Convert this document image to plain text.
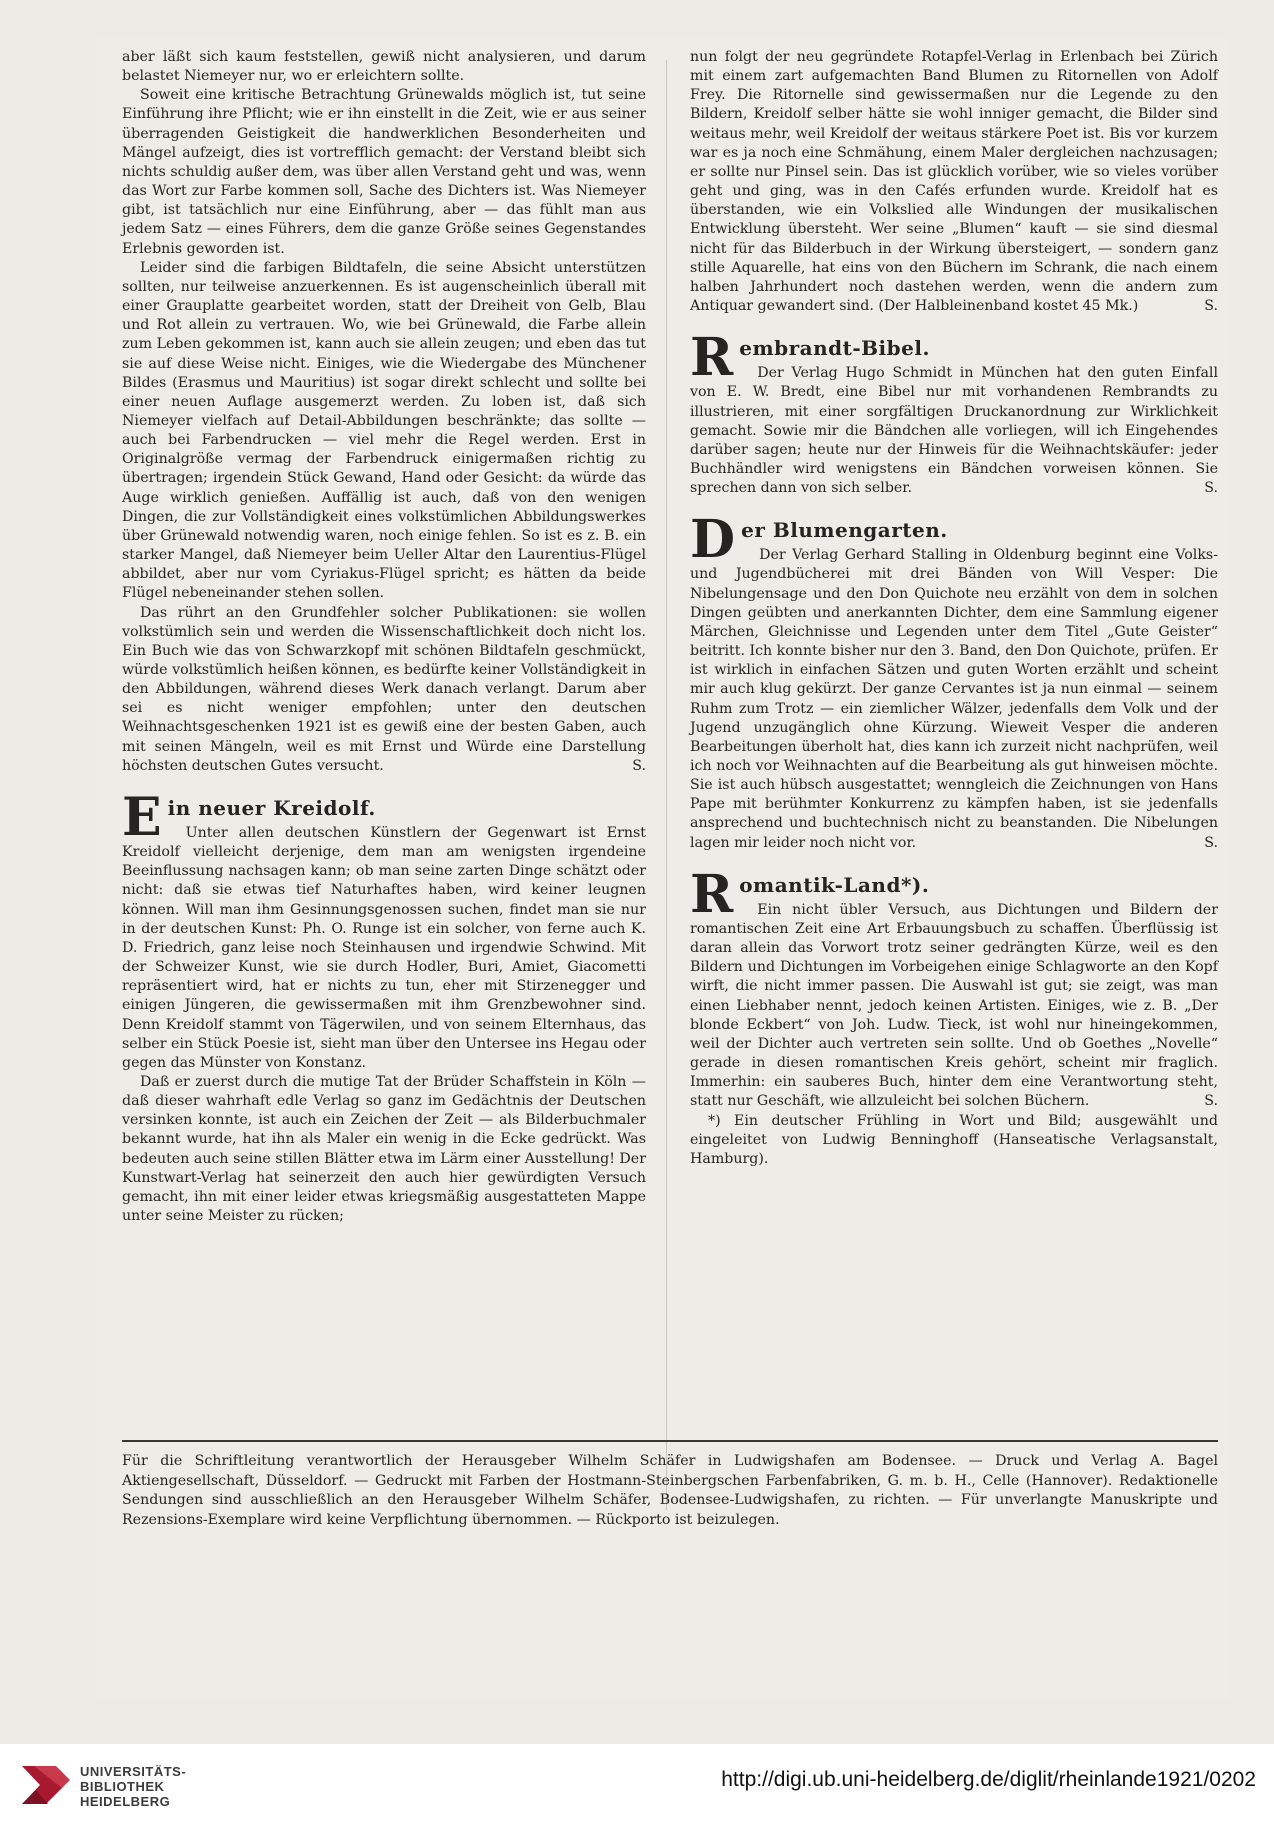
aber läßt sich kaum feststellen, gewiß nicht analysieren, und darum belastet Niemeyer nur, wo er erleichtern sollte.

Soweit eine kritische Betrachtung Grünewalds möglich ist, tut seine Einführung ihre Pflicht; wie er ihn einstellt in die Zeit, wie er aus seiner überragenden Geistigkeit die handwerklichen Besonderheiten und Mängel aufzeigt, dies ist vortrefflich gemacht: der Verstand bleibt sich nichts schuldig außer dem, was über allen Verstand geht und was, wenn das Wort zur Farbe kommen soll, Sache des Dichters ist. Was Niemeyer gibt, ist tatsächlich nur eine Einführung, aber — das fühlt man aus jedem Satz — eines Führers, dem die ganze Größe seines Gegenstandes Erlebnis geworden ist.

Leider sind die farbigen Bildtafeln, die seine Absicht unterstützen sollten, nur teilweise anzuerkennen. Es ist augenscheinlich überall mit einer Grauplatte gearbeitet worden, statt der Dreiheit von Gelb, Blau und Rot allein zu vertrauen. Wo, wie bei Grünewald, die Farbe allein zum Leben gekommen ist, kann auch sie allein zeugen; und eben das tut sie auf diese Weise nicht. Einiges, wie die Wiedergabe des Münchener Bildes (Erasmus und Mauritius) ist sogar direkt schlecht und sollte bei einer neuen Auflage ausgemerzt werden. Zu loben ist, daß sich Niemeyer vielfach auf Detail-Abbildungen beschränkte; das sollte — auch bei Farbendrucken — viel mehr die Regel werden. Erst in Originalgröße vermag der Farbendruck einigermaßen richtig zu übertragen; irgendein Stück Gewand, Hand oder Gesicht: da würde das Auge wirklich genießen. Auffällig ist auch, daß von den wenigen Dingen, die zur Vollständigkeit eines volkstümlichen Abbildungswerkes über Grünewald notwendig waren, noch einige fehlen. So ist es z. B. ein starker Mangel, daß Niemeyer beim Ueller Altar den Laurentius-Flügel abbildet, aber nur vom Cyriakus-Flügel spricht; es hätten da beide Flügel nebeneinander stehen sollen.

Das rührt an den Grundfehler solcher Publikationen: sie wollen volkstümlich sein und werden die Wissenschaftlichkeit doch nicht los. Ein Buch wie das von Schwarzkopf mit schönen Bildtafeln geschmückt, würde volkstümlich heißen können, es bedürfte keiner Vollständigkeit in den Abbildungen, während dieses Werk danach verlangt. Darum aber sei es nicht weniger empfohlen; unter den deutschen Weihnachtsgeschenken 1921 ist es gewiß eine der besten Gaben, auch mit seinen Mängeln, weil es mit Ernst und Würde eine Darstellung höchsten deutschen Gutes versucht.	S.

E in neuer Kreidolf.

Unter allen deutschen Künstlern der Gegenwart ist Ernst Kreidolf vielleicht derjenige, dem man am wenigsten irgendeine Beeinflussung nachsagen kann; ob man seine zarten Dinge schätzt oder nicht: daß sie etwas tief Naturhaftes haben, wird keiner leugnen können. Will man ihm Gesinnungsgenossen suchen, findet man sie nur in der deutschen Kunst: Ph. O. Runge ist ein solcher, von ferne auch K. D. Friedrich, ganz leise noch Steinhausen und irgendwie Schwind. Mit der Schweizer Kunst, wie sie durch Hodler, Buri, Amiet, Giacometti repräsentiert wird, hat er nichts zu tun, eher mit Stirzenegger und einigen Jüngeren, die gewissermaßen mit ihm Grenzbewohner sind. Denn Kreidolf stammt von Tägerwilen, und von seinem Elternhaus, das selber ein Stück Poesie ist, sieht man über den Untersee ins Hegau oder gegen das Münster von Konstanz.

Daß er zuerst durch die mutige Tat der Brüder Schaffstein in Köln — daß dieser wahrhaft edle Verlag so ganz im Gedächtnis der Deutschen versinken konnte, ist auch ein Zeichen der Zeit — als Bilderbuchmaler bekannt wurde, hat ihn als Maler ein wenig in die Ecke gedrückt. Was bedeuten auch seine stillen Blätter etwa im Lärm einer Ausstellung! Der Kunstwart-Verlag hat seinerzeit den auch hier gewürdigten Versuch gemacht, ihn mit einer leider etwas kriegsmäßig ausgestatteten Mappe unter seine Meister zu rücken;

nun folgt der neu gegründete Rotapfel-Verlag in Erlenbach bei Zürich mit einem zart aufgemachten Band Blumen zu Ritornellen von Adolf Frey. Die Ritornelle sind gewissermaßen nur die Legende zu den Bildern, Kreidolf selber hätte sie wohl inniger gemacht, die Bilder sind weitaus mehr, weil Kreidolf der weitaus stärkere Poet ist. Bis vor kurzem war es ja noch eine Schmähung, einem Maler dergleichen nachzusagen; er sollte nur Pinsel sein. Das ist glücklich vorüber, wie so vieles vorüber geht und ging, was in den Cafés erfunden wurde. Kreidolf hat es überstanden, wie ein Volkslied alle Windungen der musikalischen Entwicklung übersteht. Wer seine „Blumen“ kauft — sie sind diesmal nicht für das Bilderbuch in der Wirkung übersteigert, — sondern ganz stille Aquarelle, hat eins von den Büchern im Schrank, die nach einem halben Jahrhundert noch dastehen werden, wenn die andern zum Antiquar gewandert sind. (Der Halbleinenband kostet 45 Mk.)	S.

R embrandt-Bibel.

Der Verlag Hugo Schmidt in München hat den guten Einfall von E. W. Bredt, eine Bibel nur mit vorhandenen Rembrandts zu illustrieren, mit einer sorgfältigen Druckanordnung zur Wirklichkeit gemacht. Sowie mir die Bändchen alle vorliegen, will ich Eingehendes darüber sagen; heute nur der Hinweis für die Weihnachtskäufer: jeder Buchhändler wird wenigstens ein Bändchen vorweisen können. Sie sprechen dann von sich selber.	S.

D er Blumengarten.

Der Verlag Gerhard Stalling in Oldenburg beginnt eine Volks- und Jugendbücherei mit drei Bänden von Will Vesper: Die Nibelungensage und den Don Quichote neu erzählt von dem in solchen Dingen geübten und anerkannten Dichter, dem eine Sammlung eigener Märchen, Gleichnisse und Legenden unter dem Titel „Gute Geister“ beitritt. Ich konnte bisher nur den 3. Band, den Don Quichote, prüfen. Er ist wirklich in einfachen Sätzen und guten Worten erzählt und scheint mir auch klug gekürzt. Der ganze Cervantes ist ja nun einmal — seinem Ruhm zum Trotz — ein ziemlicher Wälzer, jedenfalls dem Volk und der Jugend unzugänglich ohne Kürzung. Wieweit Vesper die anderen Bearbeitungen überholt hat, dies kann ich zurzeit nicht nachprüfen, weil ich noch vor Weihnachten auf die Bearbeitung als gut hinweisen möchte. Sie ist auch hübsch ausgestattet; wenngleich die Zeichnungen von Hans Pape mit berühmter Konkurrenz zu kämpfen haben, ist sie jedenfalls ansprechend und buchtechnisch nicht zu beanstanden. Die Nibelungen lagen mir leider noch nicht vor.	S.

R omantik-Land*).

Ein nicht übler Versuch, aus Dichtungen und Bildern der romantischen Zeit eine Art Erbauungsbuch zu schaffen. Überflüssig ist daran allein das Vorwort trotz seiner gedrängten Kürze, weil es den Bildern und Dichtungen im Vorbeigehen einige Schlagworte an den Kopf wirft, die nicht immer passen. Die Auswahl ist gut; sie zeigt, was man einen Liebhaber nennt, jedoch keinen Artisten. Einiges, wie z. B. „Der blonde Eckbert“ von Joh. Ludw. Tieck, ist wohl nur hineingekommen, weil der Dichter auch vertreten sein sollte. Und ob Goethes „Novelle“ gerade in diesen romantischen Kreis gehört, scheint mir fraglich. Immerhin: ein sauberes Buch, hinter dem eine Verantwortung steht, statt nur Geschäft, wie allzuleicht bei solchen Büchern.	S.

*) Ein deutscher Frühling in Wort und Bild; ausgewählt und eingeleitet von Ludwig Benninghoff (Hanseatische Verlagsanstalt, Hamburg).

Für die Schriftleitung verantwortlich der Herausgeber Wilhelm Schäfer in Ludwigshafen am Bodensee. — Druck und Verlag A. Bagel Aktiengesellschaft, Düsseldorf. — Gedruckt mit Farben der Hostmann-Steinbergschen Farbenfabriken, G. m. b. H., Celle (Hannover). Redaktionelle Sendungen sind ausschließlich an den Herausgeber Wilhelm Schäfer, Bodensee-Ludwigshafen, zu richten. — Für unverlangte Manuskripte und Rezensions-Exemplare wird keine Verpflichtung übernommen. — Rückporto ist beizulegen.
UNIVERSITÄTS-
BIBLIOTHEK
HEIDELBERG
http://digi.ub.uni-heidelberg.de/diglit/rheinlande1921/0202
